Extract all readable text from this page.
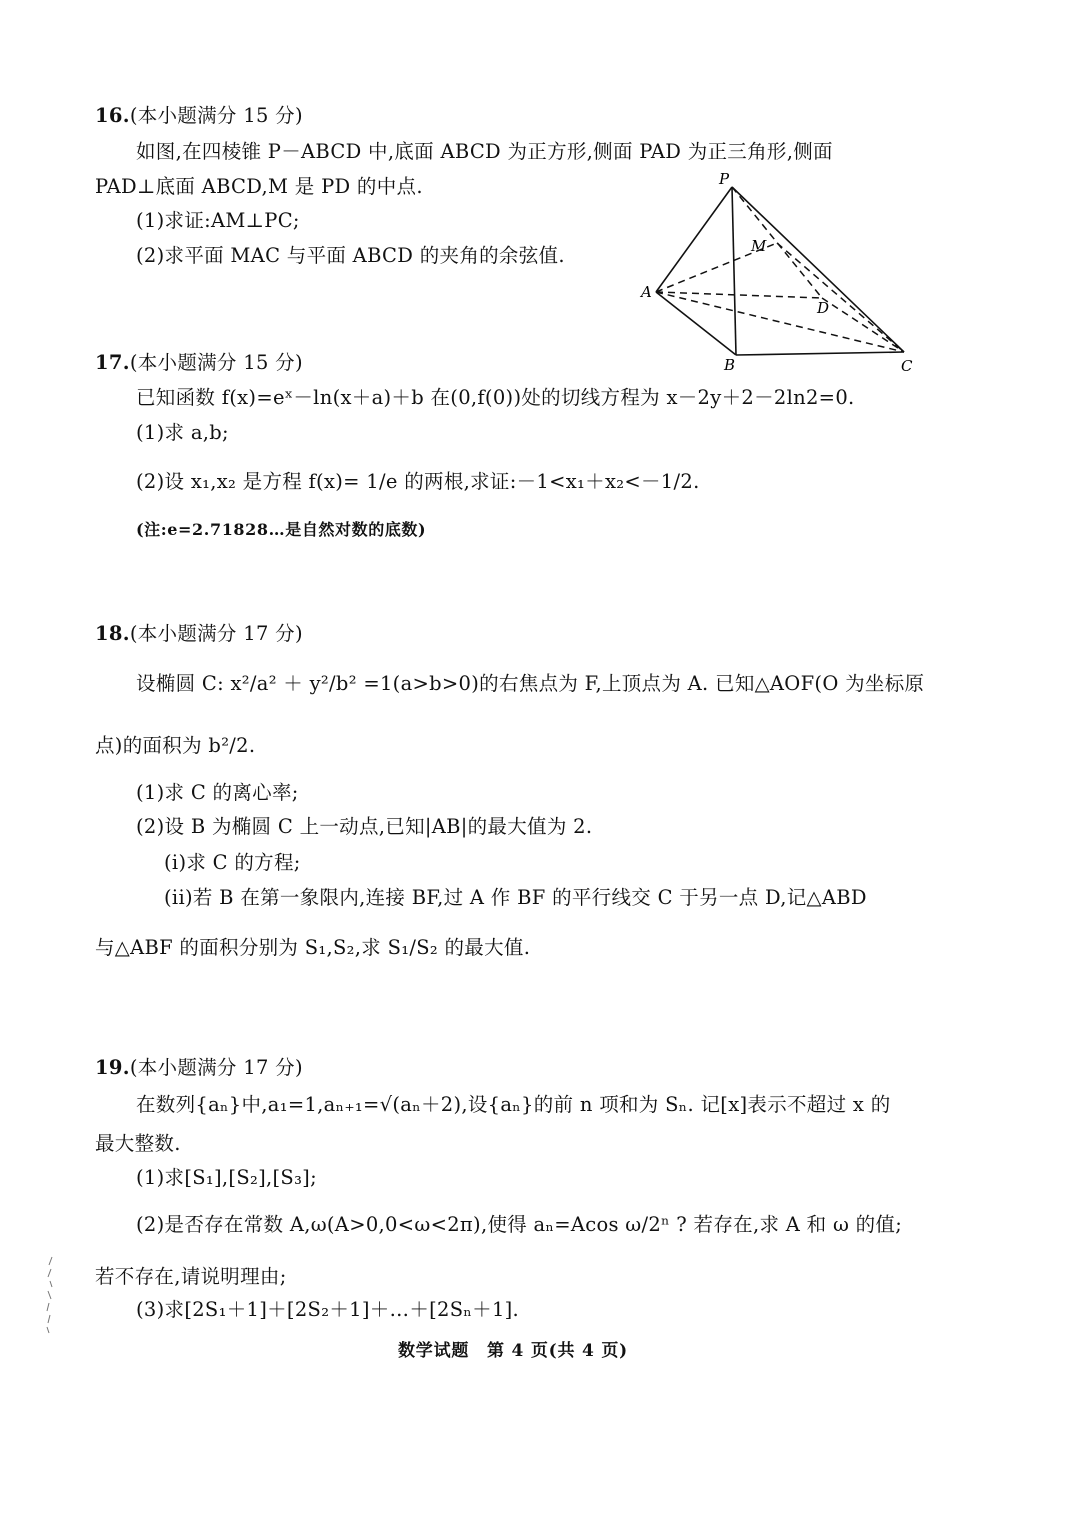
16.(本小题满分 15 分)
如图,在四棱锥 P－ABCD 中,底面 ABCD 为正方形,侧面 PAD 为正三角形,侧面
PAD⊥底面 ABCD,M 是 PD 的中点.
(1)求证:AM⊥PC;
(2)求平面 MAC 与平面 ABCD 的夹角的余弦值.
P
M
A
D
B	C
17.(本小题满分 15 分)
已知函数 f(x)=eˣ－ln(x＋a)＋b 在(0,f(0))处的切线方程为 x－2y＋2－2ln2=0.
(1)求 a,b;
(2)设 x₁,x₂ 是方程 f(x)= 1/e 的两根,求证:－1<x₁＋x₂<－1/2.
(注:e=2.71828…是自然对数的底数)
18.(本小题满分 17 分)
设椭圆 C: x²/a² ＋ y²/b² =1(a>b>0)的右焦点为 F,上顶点为 A. 已知△AOF(O 为坐标原
点)的面积为 b²/2.
(1)求 C 的离心率;
(2)设 B 为椭圆 C 上一动点,已知|AB|的最大值为 2.
(i)求 C 的方程;
(ii)若 B 在第一象限内,连接 BF,过 A 作 BF 的平行线交 C 于另一点 D,记△ABD
与△ABF 的面积分别为 S₁,S₂,求 S₁/S₂ 的最大值.
19.(本小题满分 17 分)
在数列{aₙ}中,a₁=1,aₙ₊₁=√(aₙ＋2),设{aₙ}的前 n 项和为 Sₙ. 记[x]表示不超过 x 的
最大整数.
(1)求[S₁],[S₂],[S₃];
(2)是否存在常数 A,ω(A>0,0<ω<2π),使得 aₙ=Acos ω/2ⁿ ? 若存在,求 A 和 ω 的值;
若不存在,请说明理由;
(3)求[2S₁＋1]＋[2S₂＋1]＋…＋[2Sₙ＋1].
数学试题　第 4 页(共 4 页)
